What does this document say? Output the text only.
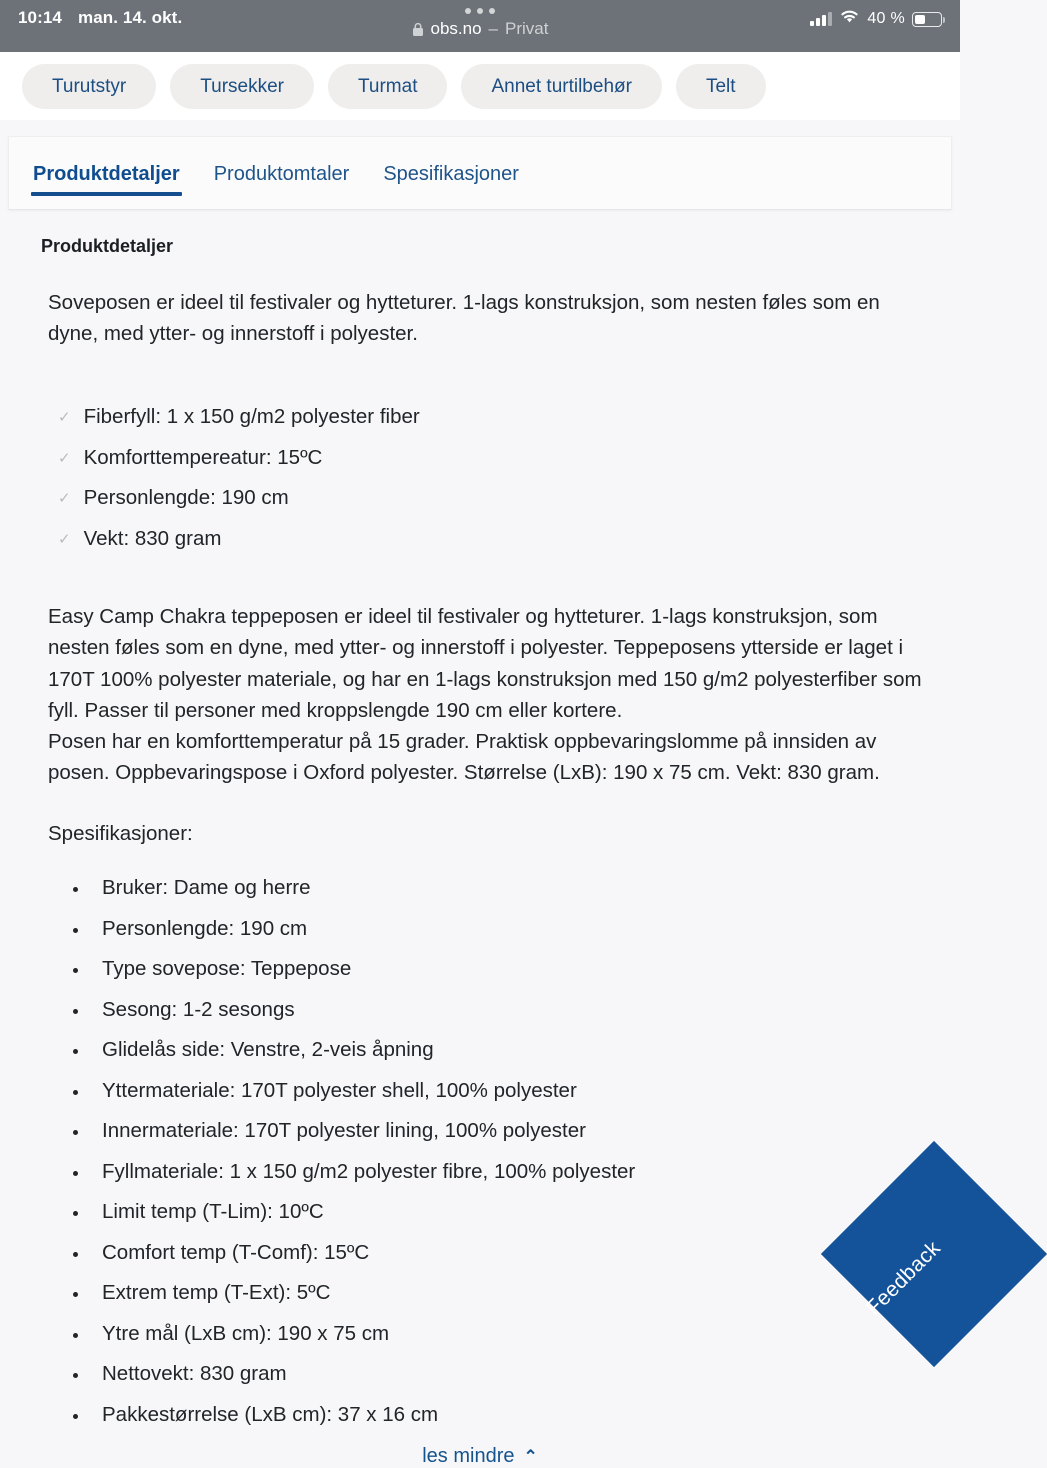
10:14 man. 14. okt.
obs.no – Privat
40 %
Turutstyr	Tursekker	Turmat	Annet turtilbehør	Telt
Produktdetaljer Produktomtaler Spesifikasjoner
Produktdetaljer

Soveposen er ideel til festivaler og hytteturer. 1-lags konstruksjon, som nesten føles som en dyne, med ytter- og innerstoff i polyester.

✓ Fiberfyll: 1 x 150 g/m2 polyester fiber
✓ Komforttempereatur: 15ºC
✓ Personlengde: 190 cm
✓ Vekt: 830 gram

Easy Camp Chakra teppeposen er ideel til festivaler og hytteturer. 1-lags konstruksjon, som nesten føles som en dyne, med ytter- og innerstoff i polyester. Teppeposens ytterside er laget i 170T 100% polyester materiale, og har en 1-lags konstruksjon med 150 g/m2 polyesterfiber som fyll. Passer til personer med kroppslengde 190 cm eller kortere.

Posen har en komforttemperatur på 15 grader. Praktisk oppbevaringslomme på innsiden av posen. Oppbevaringspose i Oxford polyester. Størrelse (LxB): 190 x 75 cm. Vekt: 830 gram.

Spesifikasjoner:

• Bruker: Dame og herre
• Personlengde: 190 cm
• Type sovepose: Teppepose
• Sesong: 1-2 sesongs
• Glidelås side: Venstre, 2-veis åpning
• Yttermateriale: 170T polyester shell, 100% polyester
• Innermateriale: 170T polyester lining, 100% polyester
• Fyllmateriale: 1 x 150 g/m2 polyester fibre, 100% polyester
• Limit temp (T-Lim): 10ºC
• Comfort temp (T-Comf): 15ºC
• Extrem temp (T-Ext): 5ºC
• Ytre mål (LxB cm): 190 x 75 cm
• Nettovekt: 830 gram
• Pakkestørrelse (LxB cm): 37 x 16 cm
les mindre ⌃
Feedback
